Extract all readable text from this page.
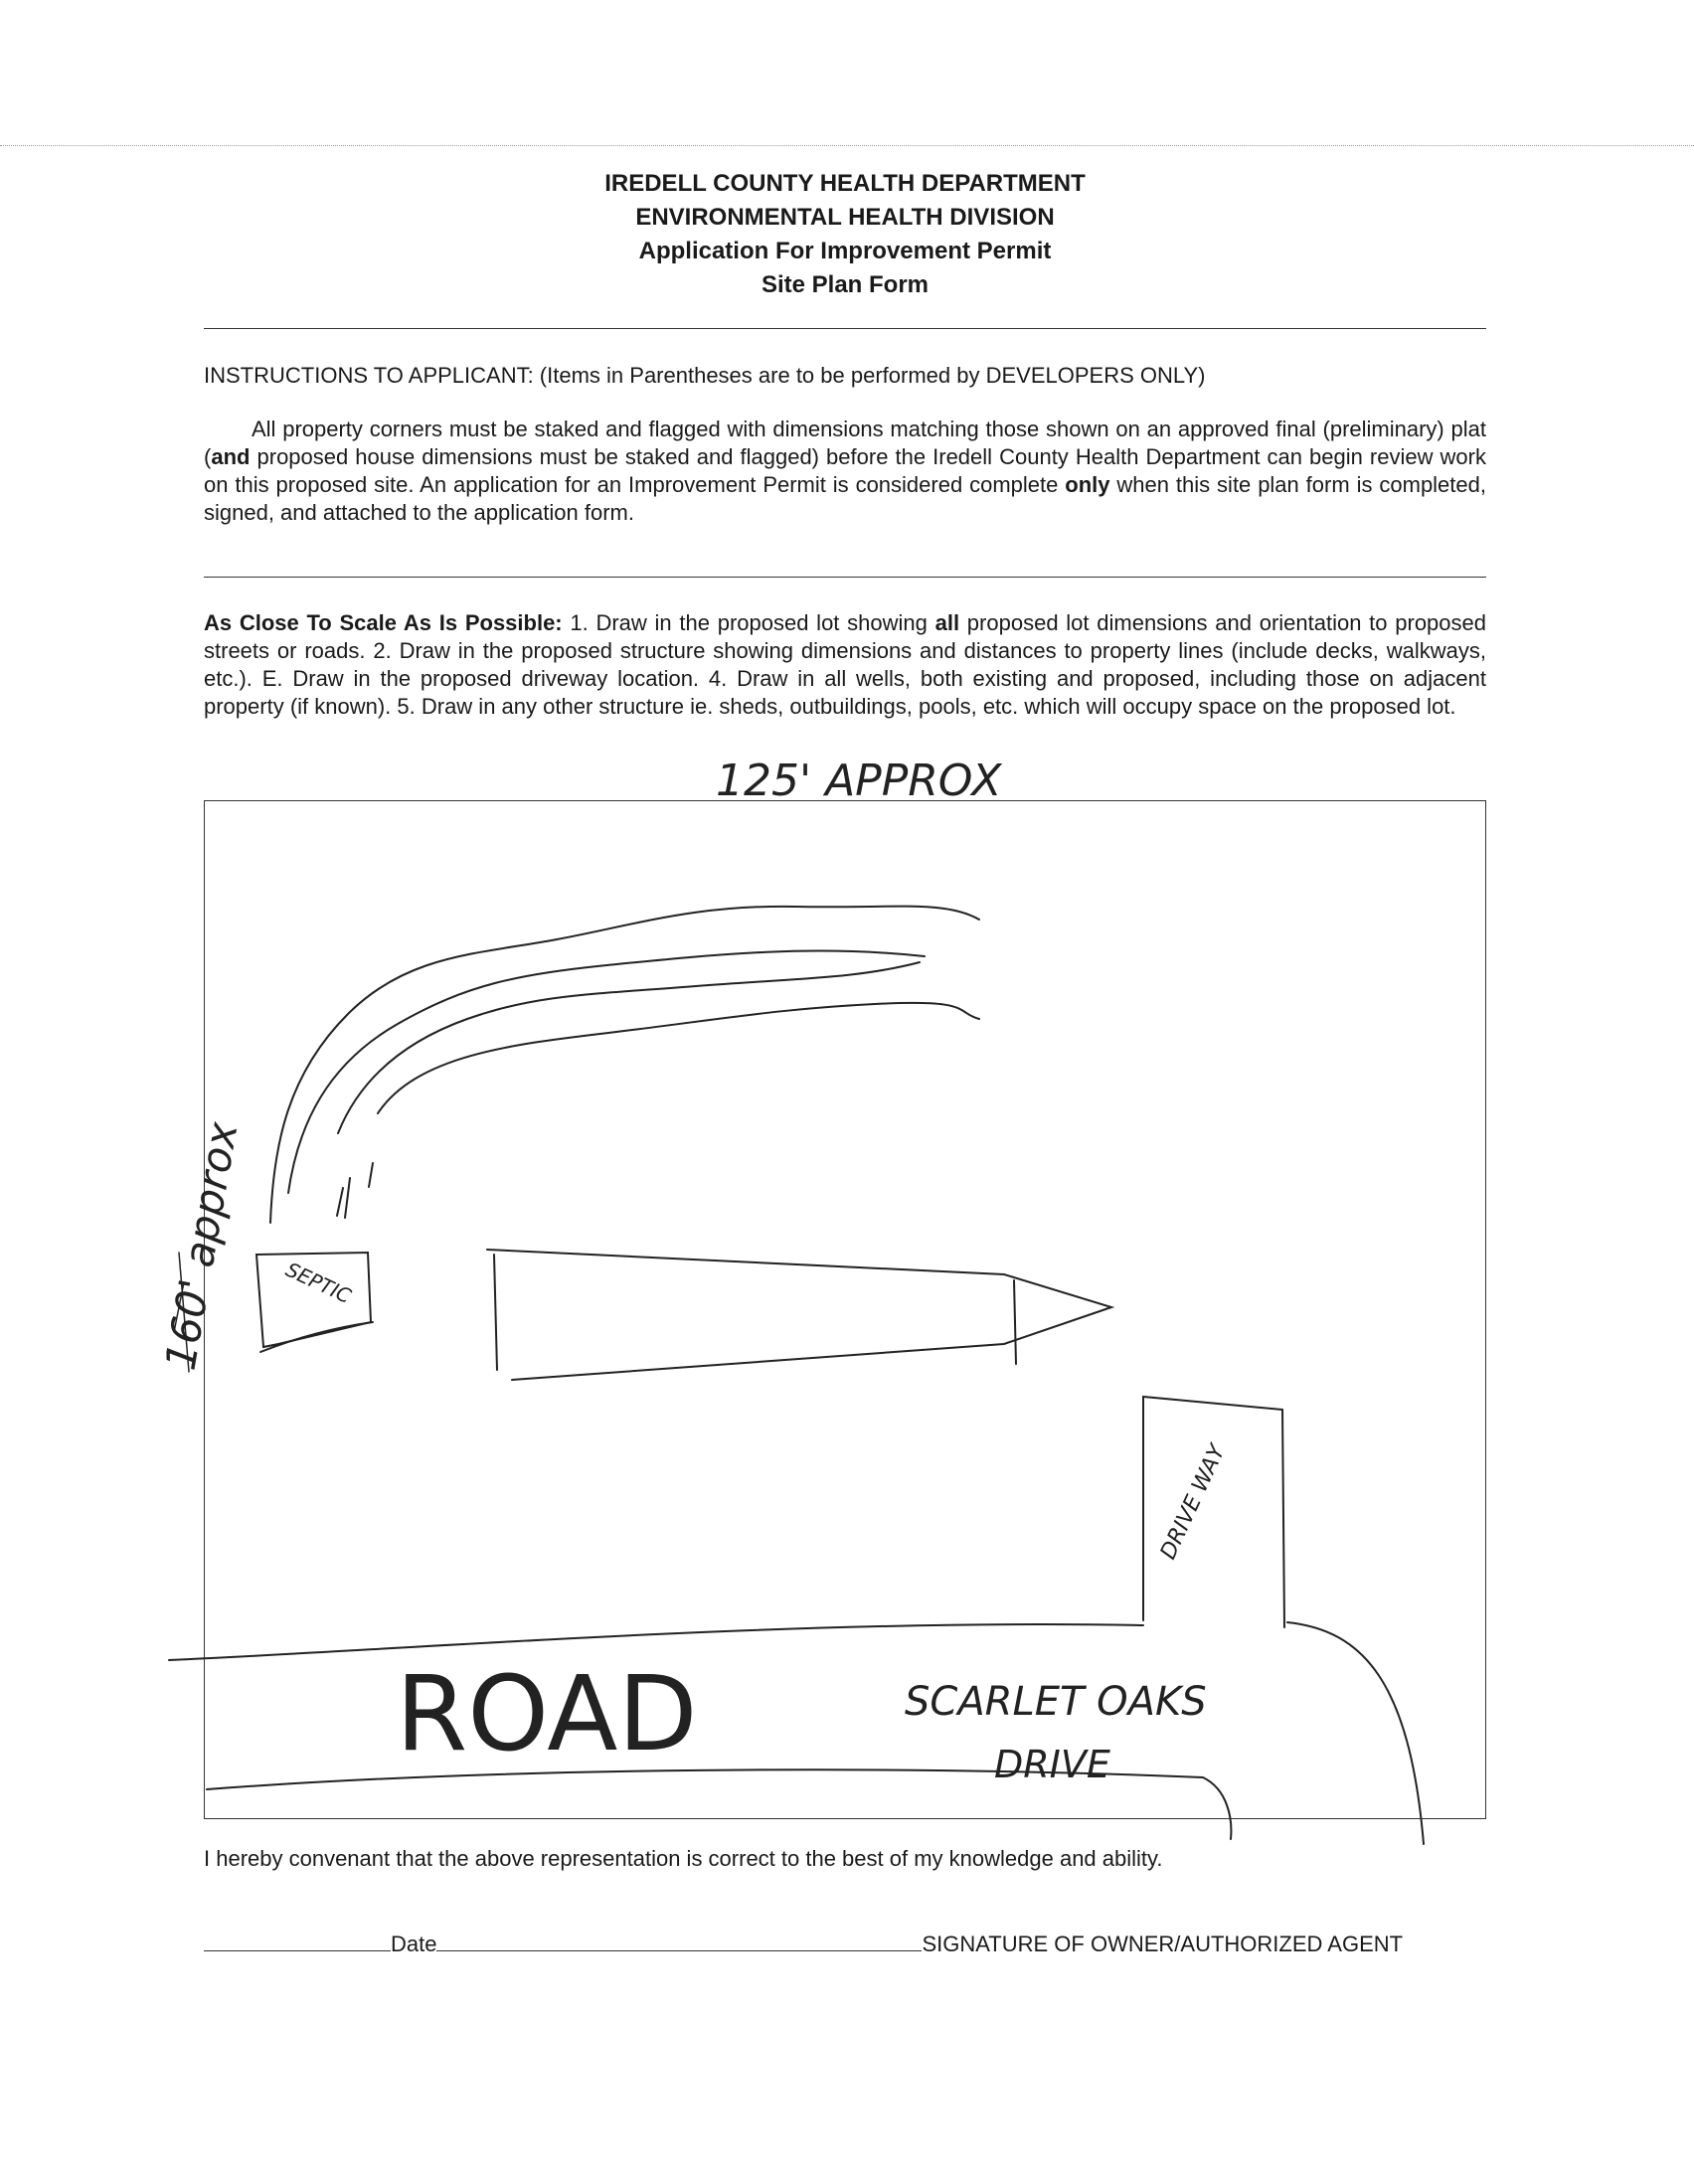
IREDELL COUNTY HEALTH DEPARTMENT
ENVIRONMENTAL HEALTH DIVISION
Application For Improvement Permit
Site Plan Form
INSTRUCTIONS TO APPLICANT: (Items in Parentheses are to be performed by DEVELOPERS ONLY)
All property corners must be staked and flagged with dimensions matching those shown on an approved final (preliminary) plat (and proposed house dimensions must be staked and flagged) before the Iredell County Health Department can begin review work on this proposed site. An application for an Improvement Permit is considered complete only when this site plan form is completed, signed, and attached to the application form.
As Close To Scale As Is Possible: 1. Draw in the proposed lot showing all proposed lot dimensions and orientation to proposed streets or roads. 2. Draw in the proposed structure showing dimensions and distances to property lines (include decks, walkways, etc.). E. Draw in the proposed driveway location. 4. Draw in all wells, both existing and proposed, including those on adjacent property (if known). 5. Draw in any other structure ie. sheds, outbuildings, pools, etc. which will occupy space on the proposed lot.
125' APPROX
160' approx SEPTIC
DRIVE WAY
ROAD	SCARLET OAKS
DRIVE
I hereby convenant that the above representation is correct to the best of my knowledge and ability.
Date	SIGNATURE OF OWNER/AUTHORIZED AGENT
